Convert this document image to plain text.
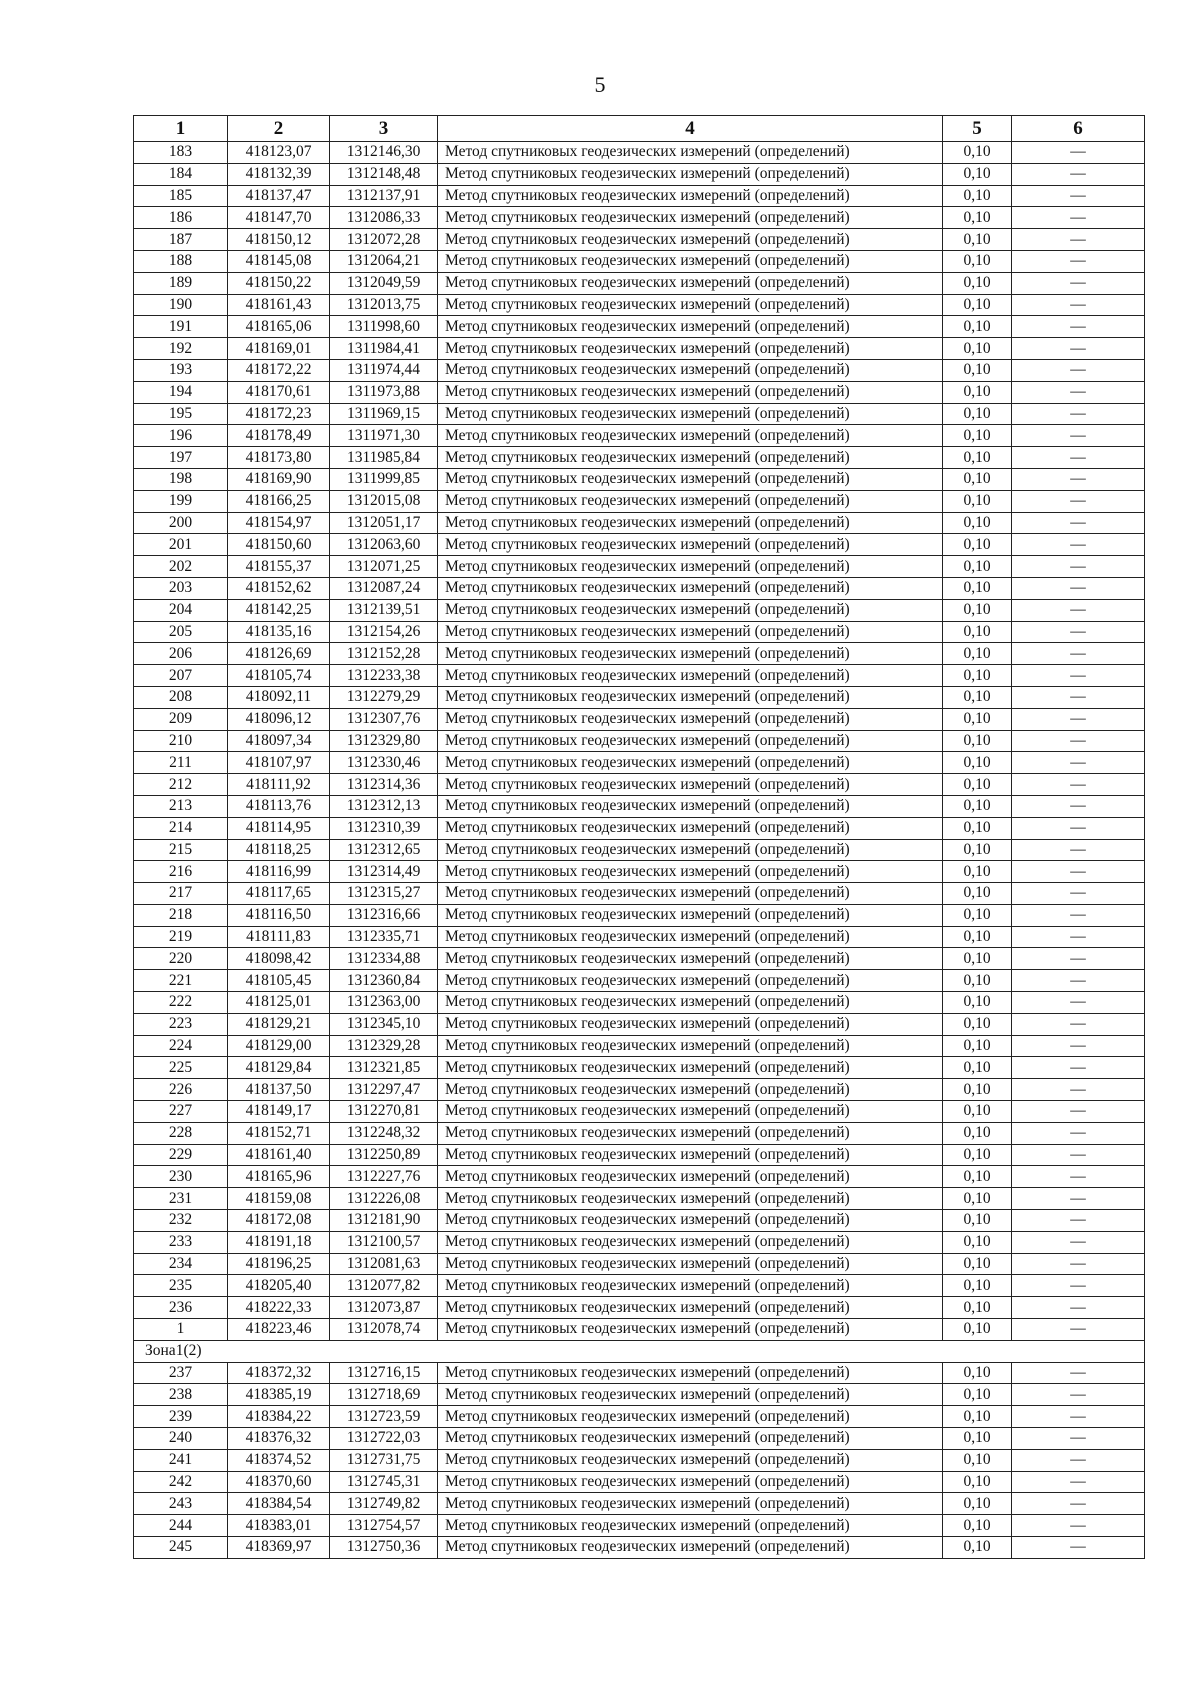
5
1	2	3	4	5	6
183	418123,07	1312146,30	Метод спутниковых геодезических измерений (определений)	0,10	—
184	418132,39	1312148,48	Метод спутниковых геодезических измерений (определений)	0,10	—
185	418137,47	1312137,91	Метод спутниковых геодезических измерений (определений)	0,10	—
186	418147,70	1312086,33	Метод спутниковых геодезических измерений (определений)	0,10	—
187	418150,12	1312072,28	Метод спутниковых геодезических измерений (определений)	0,10	—
188	418145,08	1312064,21	Метод спутниковых геодезических измерений (определений)	0,10	—
189	418150,22	1312049,59	Метод спутниковых геодезических измерений (определений)	0,10	—
190	418161,43	1312013,75	Метод спутниковых геодезических измерений (определений)	0,10	—
191	418165,06	1311998,60	Метод спутниковых геодезических измерений (определений)	0,10	—
192	418169,01	1311984,41	Метод спутниковых геодезических измерений (определений)	0,10	—
193	418172,22	1311974,44	Метод спутниковых геодезических измерений (определений)	0,10	—
194	418170,61	1311973,88	Метод спутниковых геодезических измерений (определений)	0,10	—
195	418172,23	1311969,15	Метод спутниковых геодезических измерений (определений)	0,10	—
196	418178,49	1311971,30	Метод спутниковых геодезических измерений (определений)	0,10	—
197	418173,80	1311985,84	Метод спутниковых геодезических измерений (определений)	0,10	—
198	418169,90	1311999,85	Метод спутниковых геодезических измерений (определений)	0,10	—
199	418166,25	1312015,08	Метод спутниковых геодезических измерений (определений)	0,10	—
200	418154,97	1312051,17	Метод спутниковых геодезических измерений (определений)	0,10	—
201	418150,60	1312063,60	Метод спутниковых геодезических измерений (определений)	0,10	—
202	418155,37	1312071,25	Метод спутниковых геодезических измерений (определений)	0,10	—
203	418152,62	1312087,24	Метод спутниковых геодезических измерений (определений)	0,10	—
204	418142,25	1312139,51	Метод спутниковых геодезических измерений (определений)	0,10	—
205	418135,16	1312154,26	Метод спутниковых геодезических измерений (определений)	0,10	—
206	418126,69	1312152,28	Метод спутниковых геодезических измерений (определений)	0,10	—
207	418105,74	1312233,38	Метод спутниковых геодезических измерений (определений)	0,10	—
208	418092,11	1312279,29	Метод спутниковых геодезических измерений (определений)	0,10	—
209	418096,12	1312307,76	Метод спутниковых геодезических измерений (определений)	0,10	—
210	418097,34	1312329,80	Метод спутниковых геодезических измерений (определений)	0,10	—
211	418107,97	1312330,46	Метод спутниковых геодезических измерений (определений)	0,10	—
212	418111,92	1312314,36	Метод спутниковых геодезических измерений (определений)	0,10	—
213	418113,76	1312312,13	Метод спутниковых геодезических измерений (определений)	0,10	—
214	418114,95	1312310,39	Метод спутниковых геодезических измерений (определений)	0,10	—
215	418118,25	1312312,65	Метод спутниковых геодезических измерений (определений)	0,10	—
216	418116,99	1312314,49	Метод спутниковых геодезических измерений (определений)	0,10	—
217	418117,65	1312315,27	Метод спутниковых геодезических измерений (определений)	0,10	—
218	418116,50	1312316,66	Метод спутниковых геодезических измерений (определений)	0,10	—
219	418111,83	1312335,71	Метод спутниковых геодезических измерений (определений)	0,10	—
220	418098,42	1312334,88	Метод спутниковых геодезических измерений (определений)	0,10	—
221	418105,45	1312360,84	Метод спутниковых геодезических измерений (определений)	0,10	—
222	418125,01	1312363,00	Метод спутниковых геодезических измерений (определений)	0,10	—
223	418129,21	1312345,10	Метод спутниковых геодезических измерений (определений)	0,10	—
224	418129,00	1312329,28	Метод спутниковых геодезических измерений (определений)	0,10	—
225	418129,84	1312321,85	Метод спутниковых геодезических измерений (определений)	0,10	—
226	418137,50	1312297,47	Метод спутниковых геодезических измерений (определений)	0,10	—
227	418149,17	1312270,81	Метод спутниковых геодезических измерений (определений)	0,10	—
228	418152,71	1312248,32	Метод спутниковых геодезических измерений (определений)	0,10	—
229	418161,40	1312250,89	Метод спутниковых геодезических измерений (определений)	0,10	—
230	418165,96	1312227,76	Метод спутниковых геодезических измерений (определений)	0,10	—
231	418159,08	1312226,08	Метод спутниковых геодезических измерений (определений)	0,10	—
232	418172,08	1312181,90	Метод спутниковых геодезических измерений (определений)	0,10	—
233	418191,18	1312100,57	Метод спутниковых геодезических измерений (определений)	0,10	—
234	418196,25	1312081,63	Метод спутниковых геодезических измерений (определений)	0,10	—
235	418205,40	1312077,82	Метод спутниковых геодезических измерений (определений)	0,10	—
236	418222,33	1312073,87	Метод спутниковых геодезических измерений (определений)	0,10	—
1	418223,46	1312078,74	Метод спутниковых геодезических измерений (определений)	0,10	—
Зона1(2)					
237	418372,32	1312716,15	Метод спутниковых геодезических измерений (определений)	0,10	—
238	418385,19	1312718,69	Метод спутниковых геодезических измерений (определений)	0,10	—
239	418384,22	1312723,59	Метод спутниковых геодезических измерений (определений)	0,10	—
240	418376,32	1312722,03	Метод спутниковых геодезических измерений (определений)	0,10	—
241	418374,52	1312731,75	Метод спутниковых геодезических измерений (определений)	0,10	—
242	418370,60	1312745,31	Метод спутниковых геодезических измерений (определений)	0,10	—
243	418384,54	1312749,82	Метод спутниковых геодезических измерений (определений)	0,10	—
244	418383,01	1312754,57	Метод спутниковых геодезических измерений (определений)	0,10	—
245	418369,97	1312750,36	Метод спутниковых геодезических измерений (определений)	0,10	—
